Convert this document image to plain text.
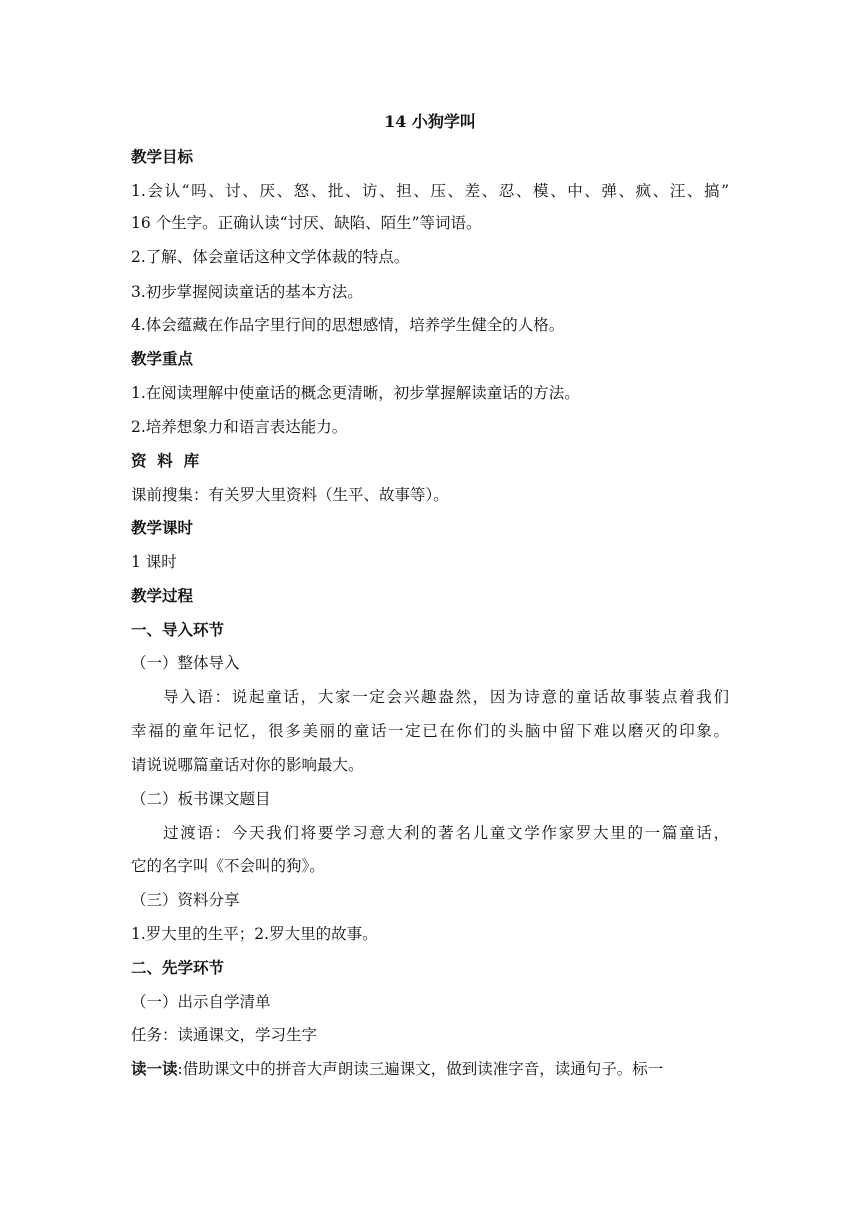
14 小狗学叫
教学目标
1.会认“吗、讨、厌、怒、批、访、担、压、差、忍、模、中、弹、疯、汪、搞”
16 个生字。正确认读“讨厌、缺陷、陌生”等词语。
2.了解、体会童话这种文学体裁的特点。
3.初步掌握阅读童话的基本方法。
4.体会蕴藏在作品字里行间的思想感情，培养学生健全的人格。
教学重点
1.在阅读理解中使童话的概念更清晰，初步掌握解读童话的方法。
2.培养想象力和语言表达能力。
资  料  库
课前搜集：有关罗大里资料（生平、故事等）。
教学课时
1 课时
教学过程
一、导入环节
（一）整体导入
导入语：说起童话，大家一定会兴趣盎然，因为诗意的童话故事装点着我们
幸福的童年记忆，很多美丽的童话一定已在你们的头脑中留下难以磨灭的印象。
请说说哪篇童话对你的影响最大。
（二）板书课文题目
过渡语：今天我们将要学习意大利的著名儿童文学作家罗大里的一篇童话，
它的名字叫《不会叫的狗》。
（三）资料分享
1.罗大里的生平；2.罗大里的故事。
二、先学环节
（一）出示自学清单
任务：读通课文，学习生字
读一读:借助课文中的拼音大声朗读三遍课文，做到读准字音，读通句子。标一
